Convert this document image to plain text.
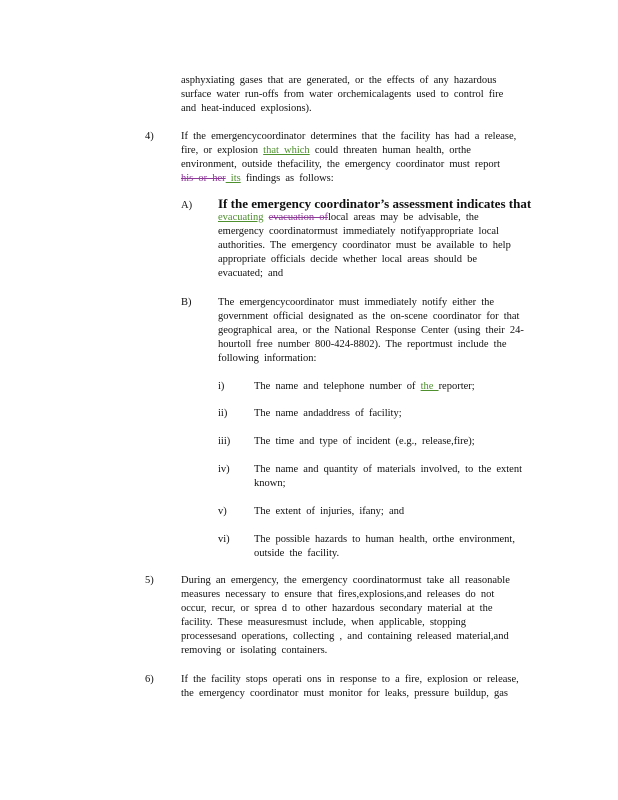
asphyxiating gases that are generated, or the effects of any hazardous
surface water run-offs from water orchemicalagents used to control fire
and heat-induced explosions).
4)	If the emergencycoordinator determines that the facility has had a release,
fire, or explosion that which could threaten human health, orthe
environment, outside thefacility, the emergency coordinator must report
his or her its findings as follows:
A) If the emergency coordinator’s assessment indicates that
evacuating evacuation oflocal areas may be advisable, the
emergency coordinatormust immediately notifyappropriate local
authorities. The emergency coordinator must be available to help
appropriate officials decide whether local areas should be
evacuated; and
B)	The emergencycoordinator must immediately notify either the
government official designated as the on-scene coordinator for that
geographical area, or the National Response Center (using their 24-
hourtoll free number 800-424-8802). The reportmust include the
following information:
i)	The name and telephone number of the reporter;
ii)	The name andaddress of facility;
iii) The time and type of incident (e.g., release,fire);
iv) The name and quantity of materials involved, to the extent
known;
v)	The extent of injuries, ifany; and
vi) The possible hazards to human health, orthe environment,
outside the facility.
5)	During an emergency, the emergency coordinatormust take all reasonable
measures necessary to ensure that fires,explosions,and releases do not
occur, recur, or sprea d to other hazardous secondary material at the
facility. These measuresmust include, when applicable, stopping
processesand operations, collecting , and containing released material,and
removing or isolating containers.
6)	If the facility stops operati ons in response to a fire, explosion or release,
the emergency coordinator must monitor for leaks, pressure buildup, gas
